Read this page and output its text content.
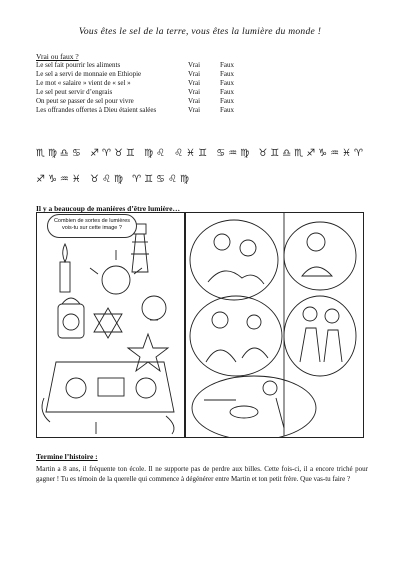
Vous êtes le sel de la terre, vous êtes la lumière du monde !
Vrai ou faux ?
Le sel fait pourrir les aliments	Vrai	Faux
Le sel a servi de monnaie en Ethiopie	Vrai	Faux
Le mot « salaire » vient de « sel »	Vrai	Faux
Le sel peut servir d’engrais	Vrai	Faux
On peut se passer de sel pour vivre	Vrai	Faux
Les offrandes offertes à Dieu étaient salées	Vrai	Faux
♏♍♎♋ ♐♈♉♊ ♍♌ ♌♓♊ ♋♒♍ ♉♊♎♏♐♑♒♓♈
♐♑♒♓ ♉♌♍ ♈♊♋♌♍
Il y a beaucoup de manières d’être lumière…
Combien de sortes de lumières vois-tu sur cette image ?
Termine l’histoire :
Martin a 8 ans, il fréquente ton école. Il ne supporte pas de perdre aux billes. Cette fois-ci, il a encore triché pour gagner ! Tu es témoin de la querelle qui commence à dégénérer entre Martin et ton petit frère. Que vas-tu faire ?
